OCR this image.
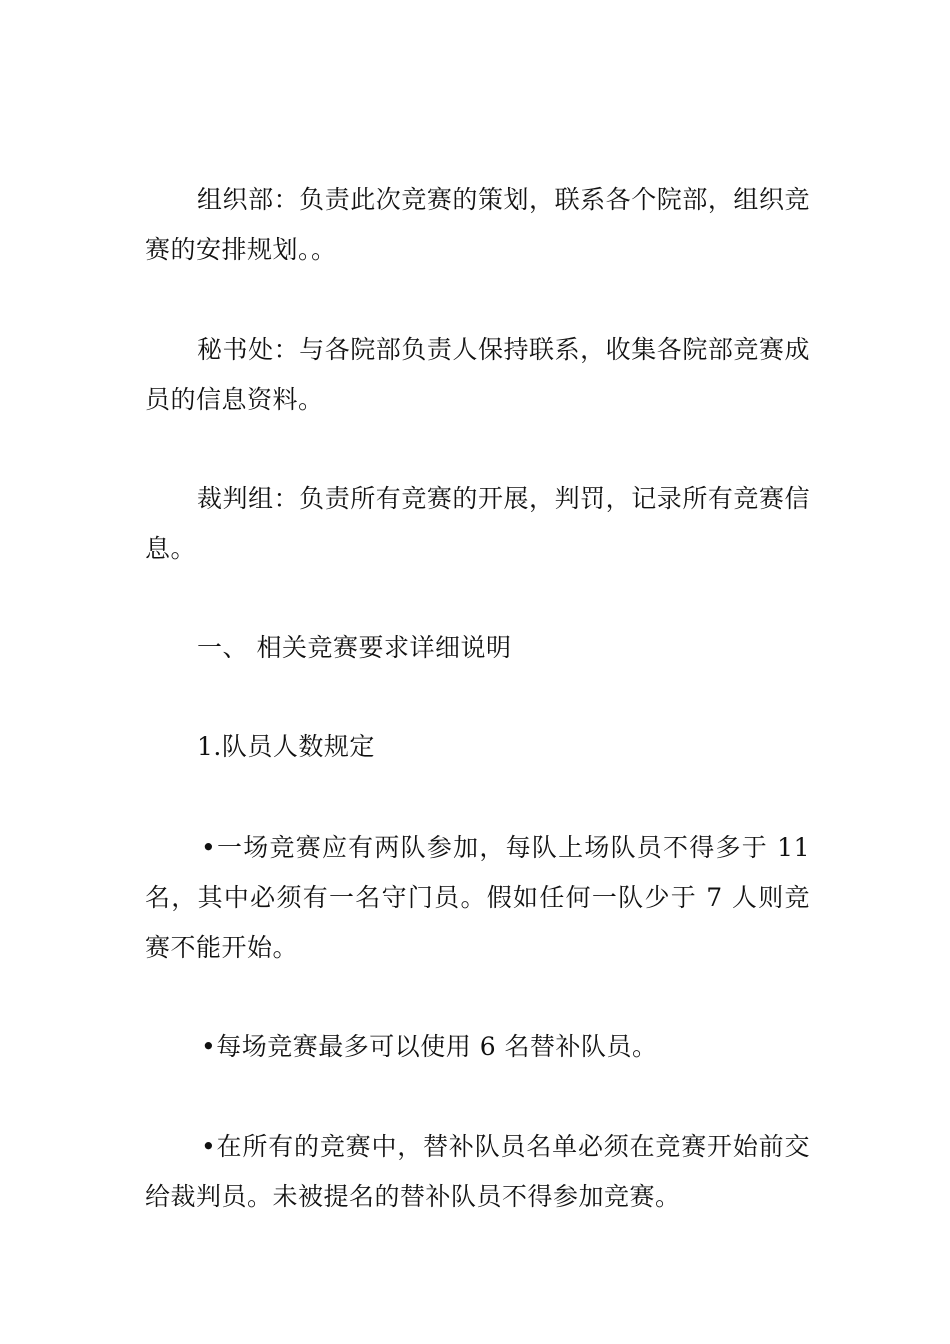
组织部：负责此次竞赛的策划，联系各个院部，组织竞赛的安排规划。。

秘书处：与各院部负责人保持联系，收集各院部竞赛成员的信息资料。

裁判组：负责所有竞赛的开展，判罚，记录所有竞赛信息。

一、 相关竞赛要求详细说明

1.队员人数规定

•一场竞赛应有两队参加，每队上场队员不得多于 11 名，其中必须有一名守门员。假如任何一队少于 7 人则竞赛不能开始。

•每场竞赛最多可以使用 6 名替补队员。

•在所有的竞赛中，替补队员名单必须在竞赛开始前交给裁判员。未被提名的替补队员不得参加竞赛。
